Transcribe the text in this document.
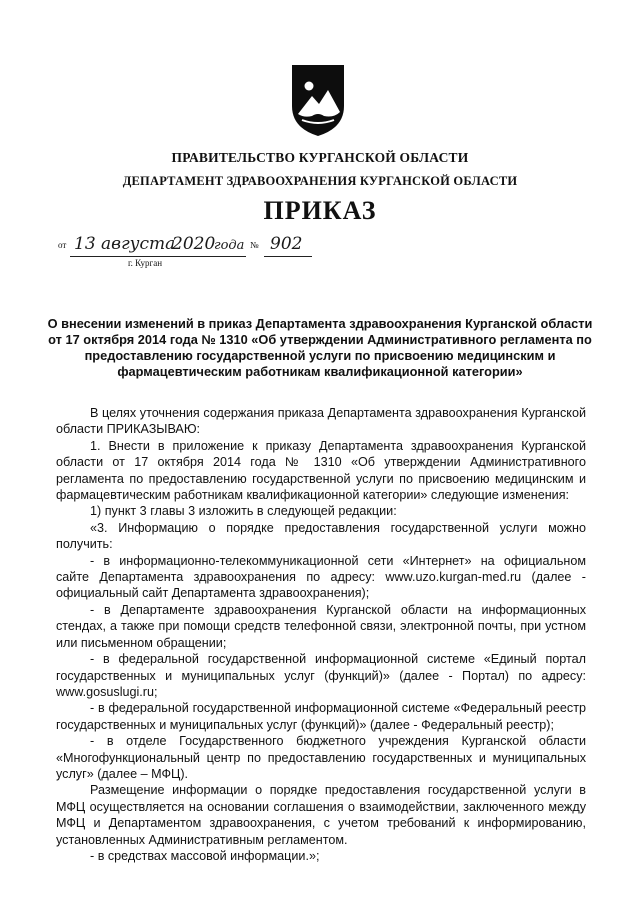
ПРАВИТЕЛЬСТВО КУРГАНСКОЙ ОБЛАСТИ
ДЕПАРТАМЕНТ ЗДРАВООХРАНЕНИЯ КУРГАНСКОЙ ОБЛАСТИ
ПРИКАЗ
от 13 августа
2020
года № 902
г. Курган
О внесении изменений в приказ Департамента здравоохранения Курганской области от 17 октября 2014 года № 1310 «Об утверждении Административного регламента по предоставлению государственной услуги по присвоению медицинским и фармацевтическим работникам квалификационной категории»

В целях уточнения содержания приказа Департамента здравоохранения Курганской области ПРИКАЗЫВАЮ:

1. Внести в приложение к приказу Департамента здравоохранения Курганской области от 17 октября 2014 года № 1310 «Об утверждении Административного регламента по предоставлению государственной услуги по присвоению медицинским и фармацевтическим работникам квалификационной категории» следующие изменения:

1) пункт 3 главы 3 изложить в следующей редакции:

«3. Информацию о порядке предоставления государственной услуги можно получить:

- в информационно-телекоммуникационной сети «Интернет» на официальном сайте Департамента здравоохранения по адресу: www.uzo.kurgan-med.ru (далее - официальный сайт Департамента здравоохранения);

- в Департаменте здравоохранения Курганской области на информационных стендах, а также при помощи средств телефонной связи, электронной почты, при устном или письменном обращении;

- в федеральной государственной информационной системе «Единый портал государственных и муниципальных услуг (функций)» (далее - Портал) по адресу: www.gosuslugi.ru;

- в федеральной государственной информационной системе «Федеральный реестр государственных и муниципальных услуг (функций)» (далее - Федеральный реестр);

- в отделе Государственного бюджетного учреждения Курганской области «Многофункциональный центр по предоставлению государственных и муниципальных услуг» (далее – МФЦ).

Размещение информации о порядке предоставления государственной услуги в МФЦ осуществляется на основании соглашения о взаимодействии, заключенного между МФЦ и Департаментом здравоохранения, с учетом требований к информированию, установленных Административным регламентом.

- в средствах массовой информации.»;
